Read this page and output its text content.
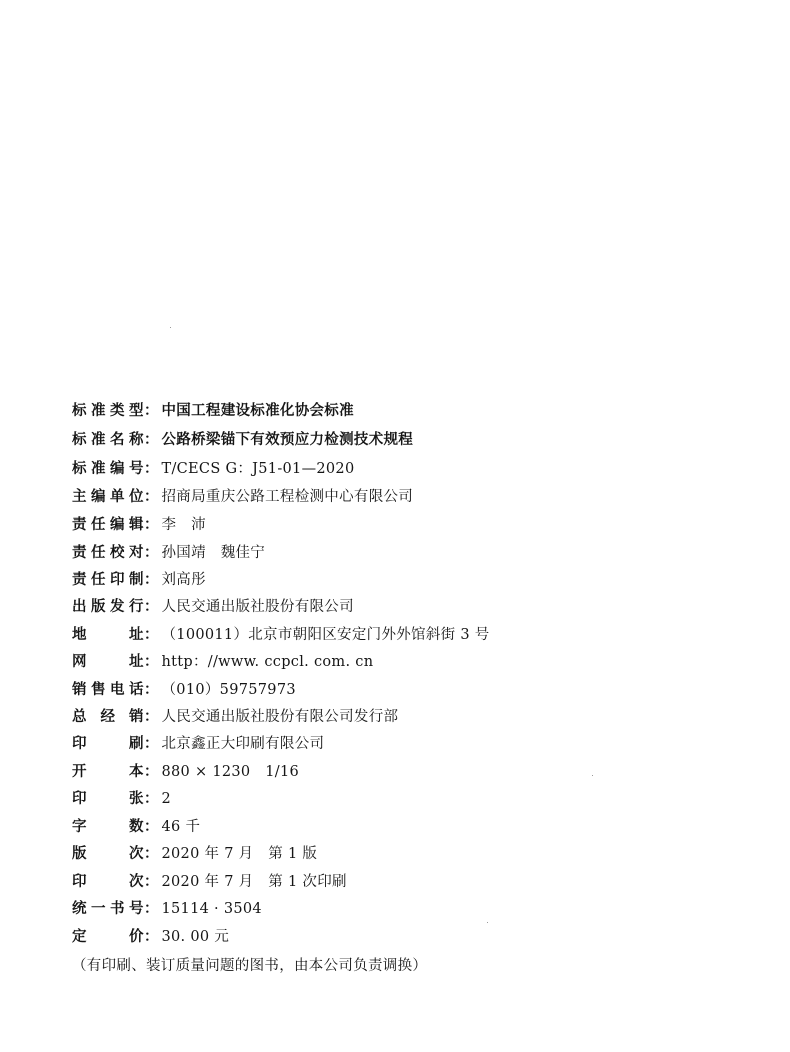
标准类型： 中国工程建设标准化协会标准
标准名称： 公路桥梁锚下有效预应力检测技术规程
标准编号： T/CECS G：J51-01—2020
主编单位： 招商局重庆公路工程检测中心有限公司
责任编辑： 李　沛
责任校对： 孙国靖　魏佳宁
责任印制： 刘高彤
出版发行： 人民交通出版社股份有限公司
地　　址： （100011）北京市朝阳区安定门外外馆斜街 3 号
网　　址： http：//www. ccpcl. com. cn
销售电话： （010）59757973
总 经 销： 人民交通出版社股份有限公司发行部
印　　刷： 北京鑫正大印刷有限公司
开　　本： 880 × 1230　1/16
印　　张： 2
字　　数： 46 千
版　　次： 2020 年 7 月　第 1 版
印　　次： 2020 年 7 月　第 1 次印刷
统一书号： 15114 · 3504
定　　价： 30. 00 元
（有印刷、装订质量问题的图书，由本公司负责调换）
